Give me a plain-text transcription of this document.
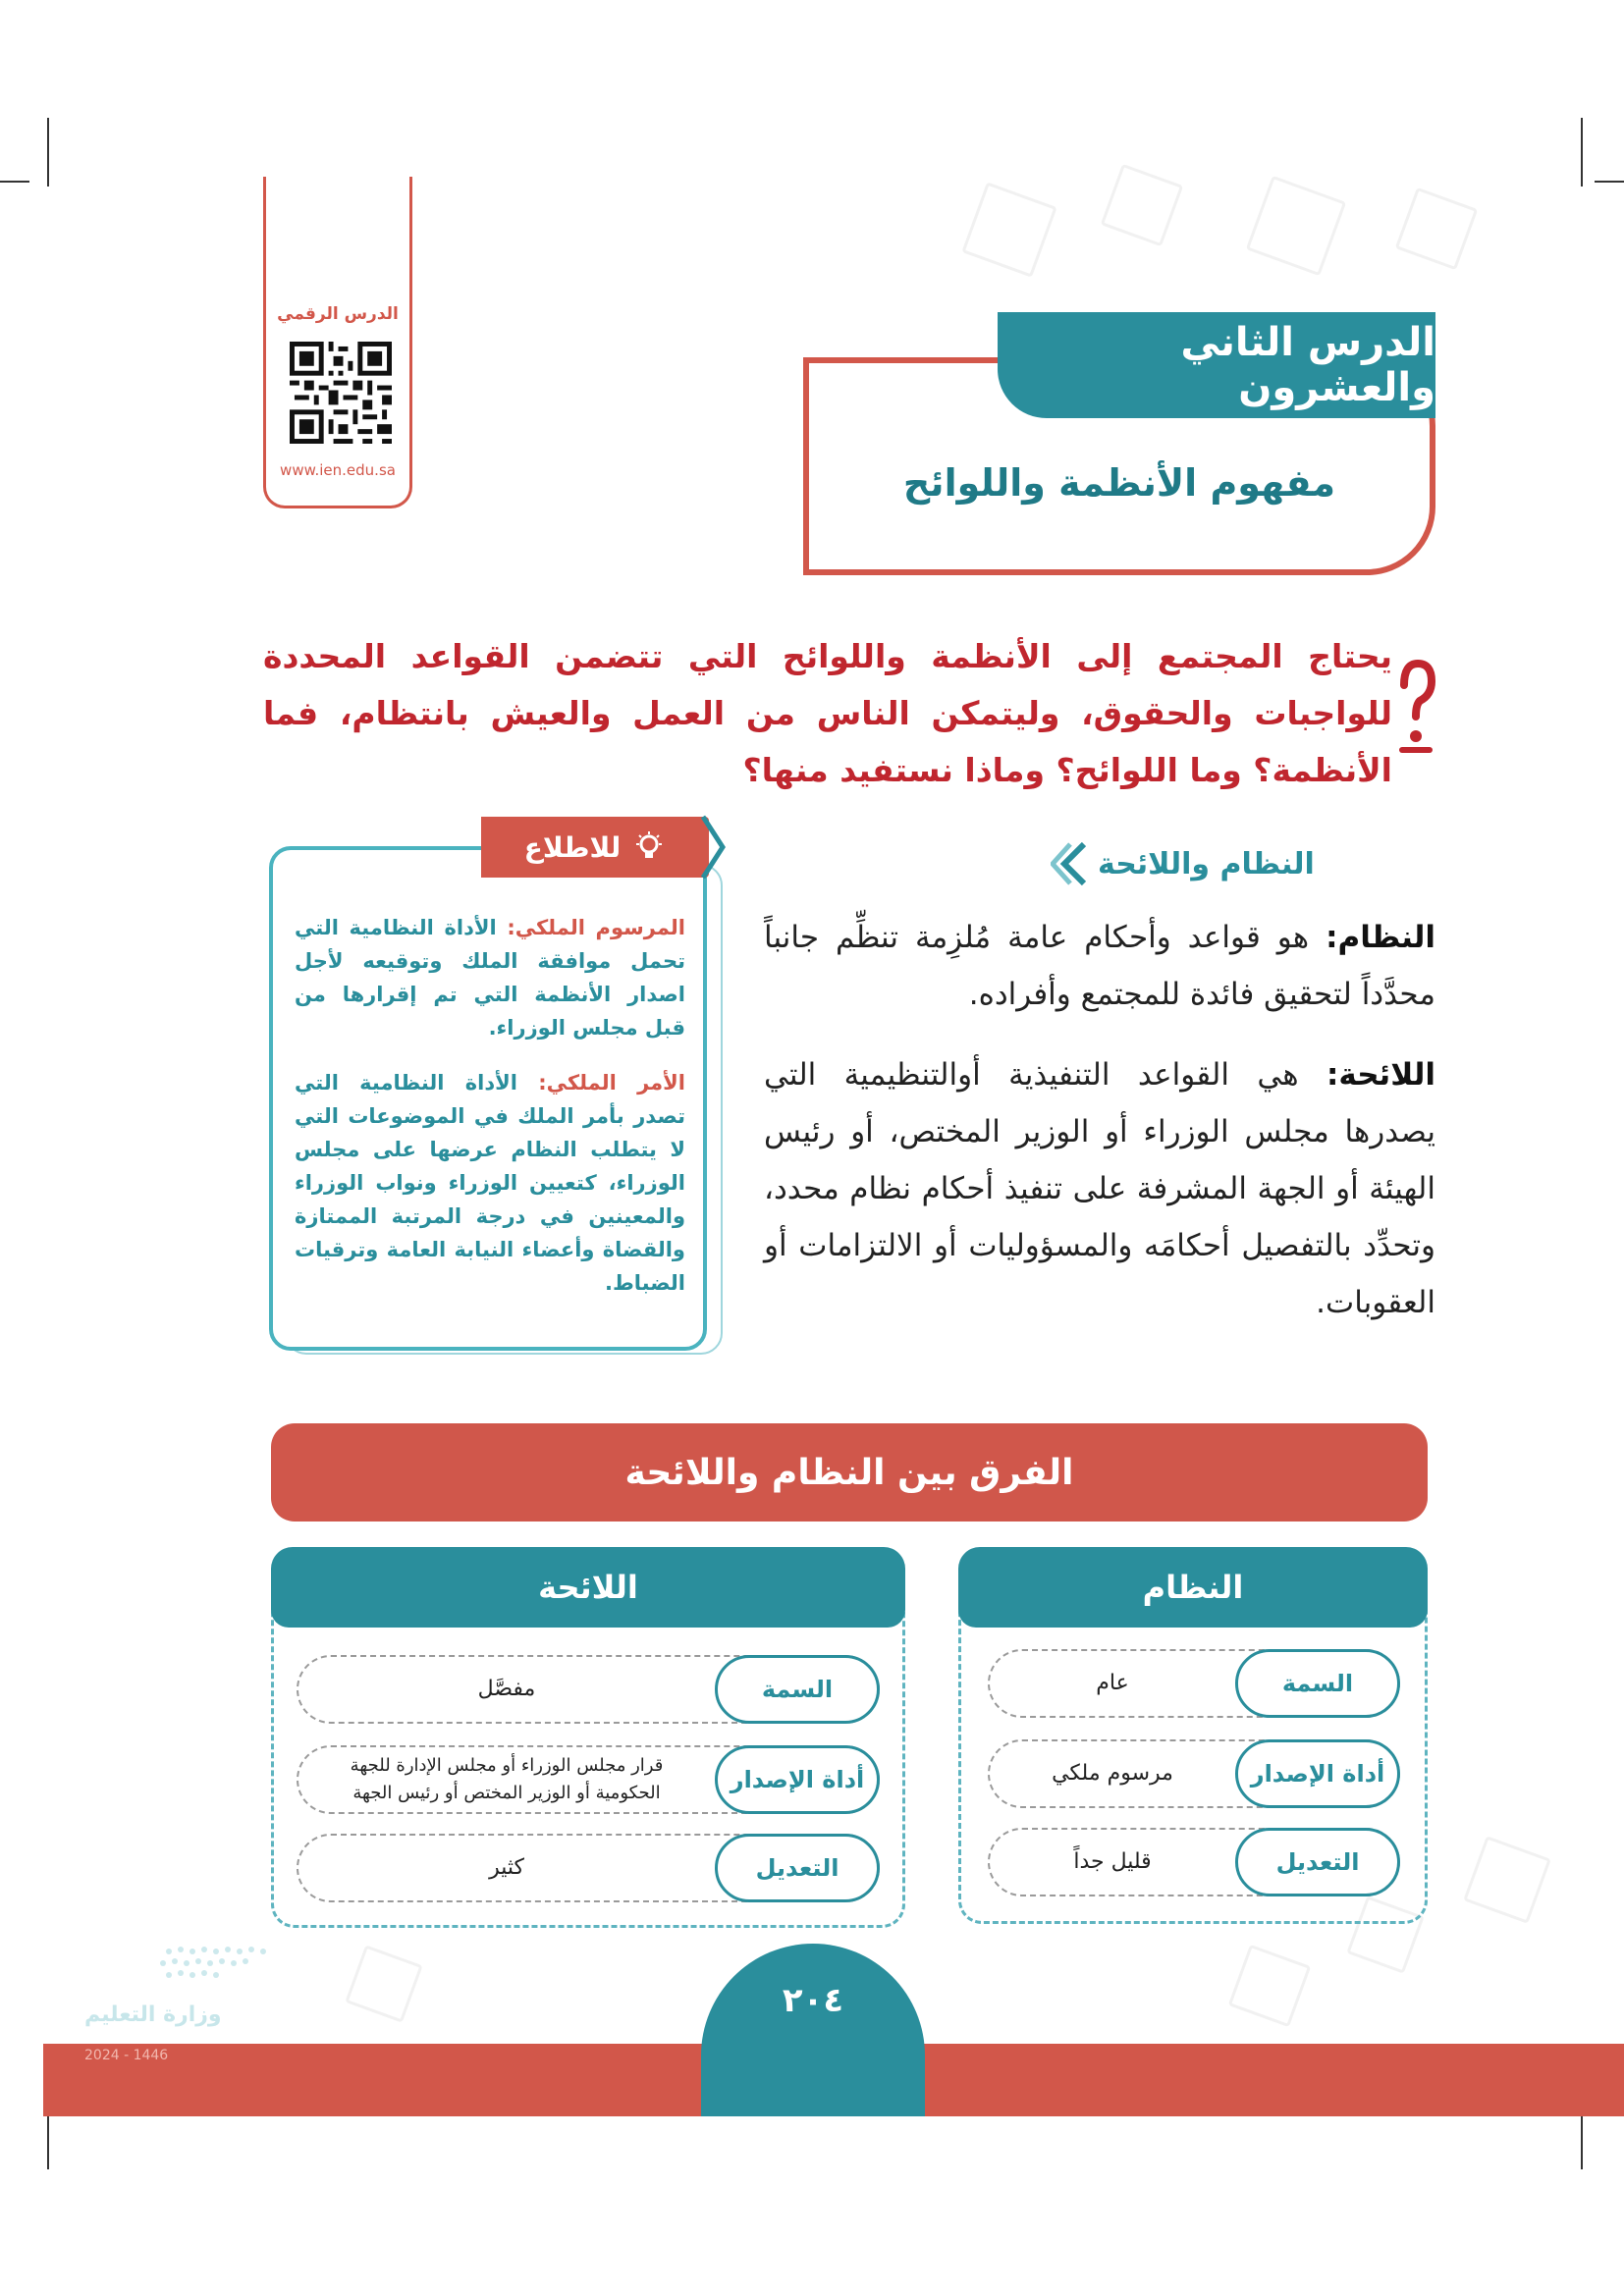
الدرس الرقمي
www.ien.edu.sa
الدرس الثاني والعشرون
مفهوم الأنظمة واللوائح
يحتاج المجتمع إلى الأنظمة واللوائح التي تتضمن القواعد المحددة للواجبات والحقوق، وليتمكن الناس من العمل والعيش بانتظام، فما الأنظمة؟ وما اللوائح؟ وماذا نستفيد منها؟
النظام واللائحة
النظام: هو قواعد وأحكام عامة مُلزِمة تنظِّم جانباً محدَّداً لتحقيق فائدة للمجتمع وأفراده.
اللائحة: هي القواعد التنفيذية أوالتنظيمية التي يصدرها مجلس الوزراء أو الوزير المختص، أو رئيس الهيئة أو الجهة المشرفة على تنفيذ أحكام نظام محدد، وتحدِّد بالتفصيل أحكامَه والمسؤوليات أو الالتزامات أو العقوبات.
للاطلاع

المرسوم الملكي: الأداة النظامية التي تحمل موافقة الملك وتوقيعه لأجل اصدار الأنظمة التي تم إقرارها من قبل مجلس الوزراء.

الأمر الملكي: الأداة النظامية التي تصدر بأمر الملك في الموضوعات التي لا يتطلب النظام عرضها على مجلس الوزراء، كتعيين الوزراء ونواب الوزراء والمعينين في درجة المرتبة الممتازة والقضاة وأعضاء النيابة العامة وترقيات الضباط.

الفرق بين النظام واللائحة
النظام
عام	السمة
مرسوم ملكي	أداة الإصدار
قليل جداً	التعديل
اللائحة
مفصَّل	السمة
قرار مجلس الوزراء أو مجلس الإدارة للجهة الحكومية أو الوزير المختص أو رئيس الجهة	أداة الإصدار
كثير	التعديل
٢٠٤
وزارة التعليم
2024 - 1446
